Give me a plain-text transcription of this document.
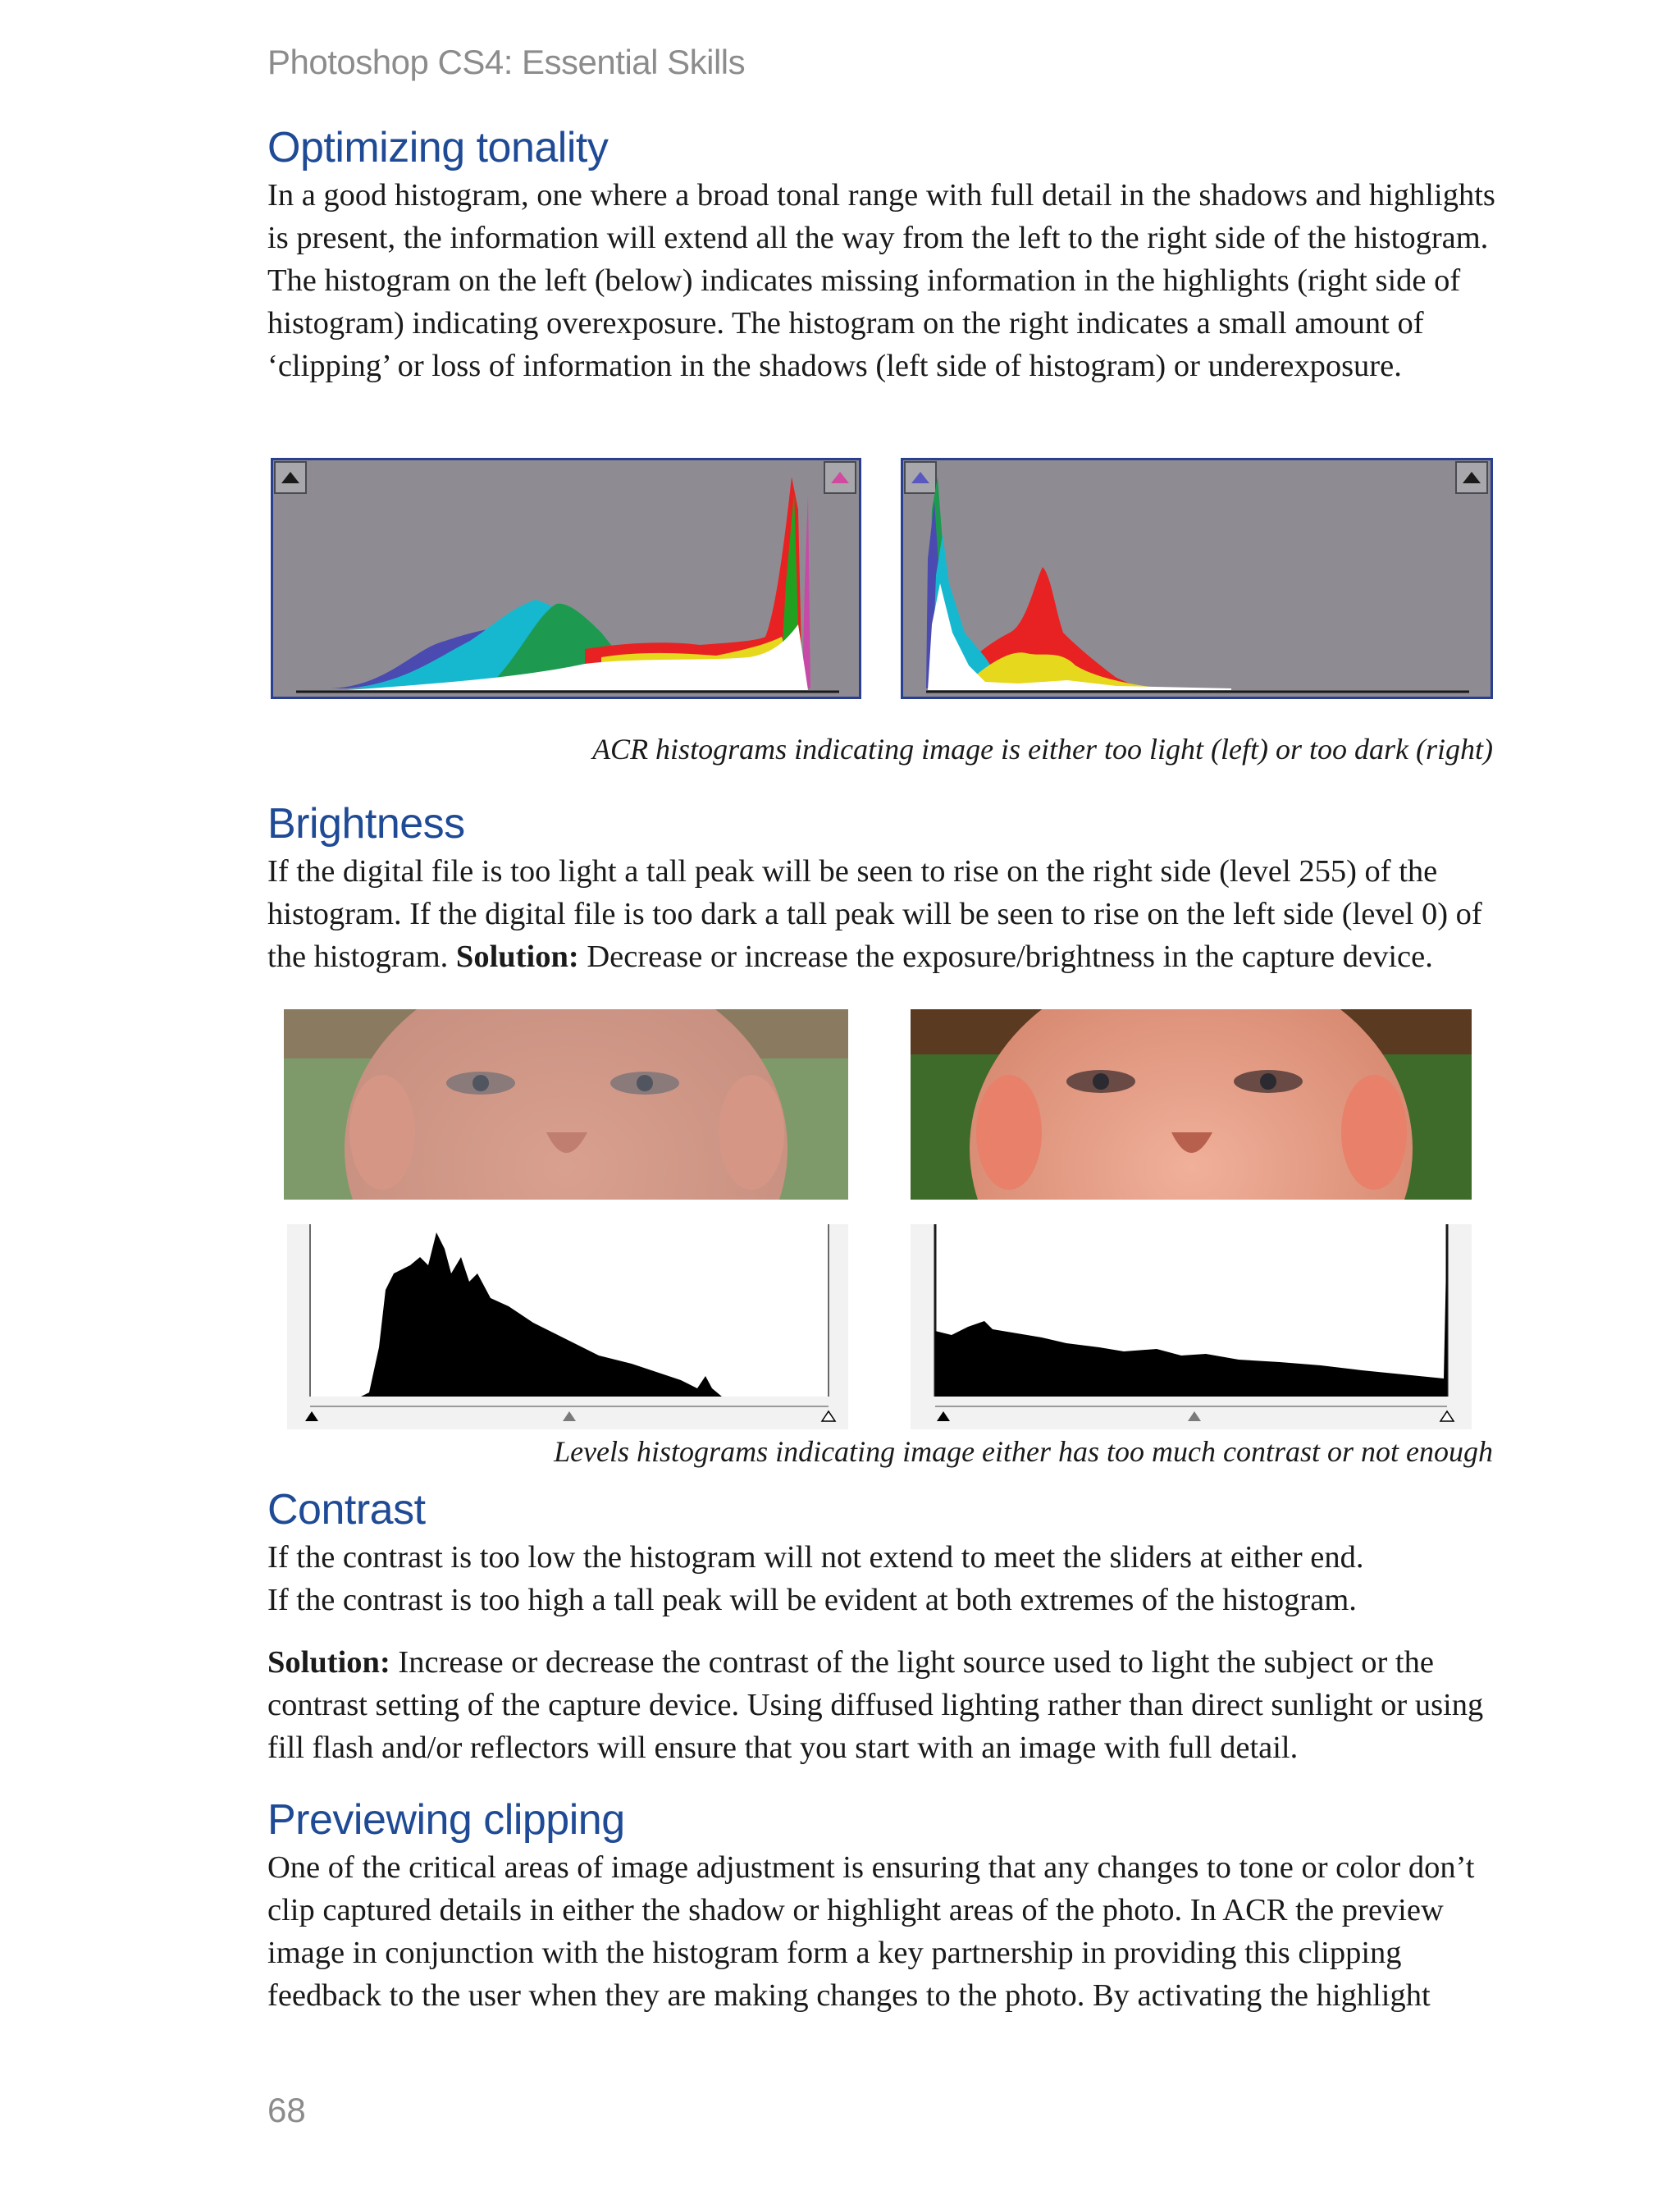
Photoshop CS4: Essential Skills
Optimizing tonality

In a good histogram, one where a broad tonal range with full detail in the shadows and highlights is present, the information will extend all the way from the left to the right side of the histogram. The histogram on the left (below) indicates missing information in the highlights (right side of histogram) indicating overexposure. The histogram on the right indicates a small amount of ‘clipping’ or loss of information in the shadows (left side of histogram) or underexposure.

ACR histograms indicating image is either too light (left) or too dark (right)
Brightness

If the digital file is too light a tall peak will be seen to rise on the right side (level 255) of the histogram. If the digital file is too dark a tall peak will be seen to rise on the left side (level 0) of the histogram. Solution: Decrease or increase the exposure/brightness in the capture device.

Levels histograms indicating image either has too much contrast or not enough
Contrast

If the contrast is too low the histogram will not extend to meet the sliders at either end.
If the contrast is too high a tall peak will be evident at both extremes of the histogram.

Solution: Increase or decrease the contrast of the light source used to light the subject or the contrast setting of the capture device. Using diffused lighting rather than direct sunlight or using fill flash and/or reflectors will ensure that you start with an image with full detail.

Previewing clipping

One of the critical areas of image adjustment is ensuring that any changes to tone or color don’t clip captured details in either the shadow or highlight areas of the photo. In ACR the preview image in conjunction with the histogram form a key partnership in providing this clipping feedback to the user when they are making changes to the photo. By activating the highlight

68
